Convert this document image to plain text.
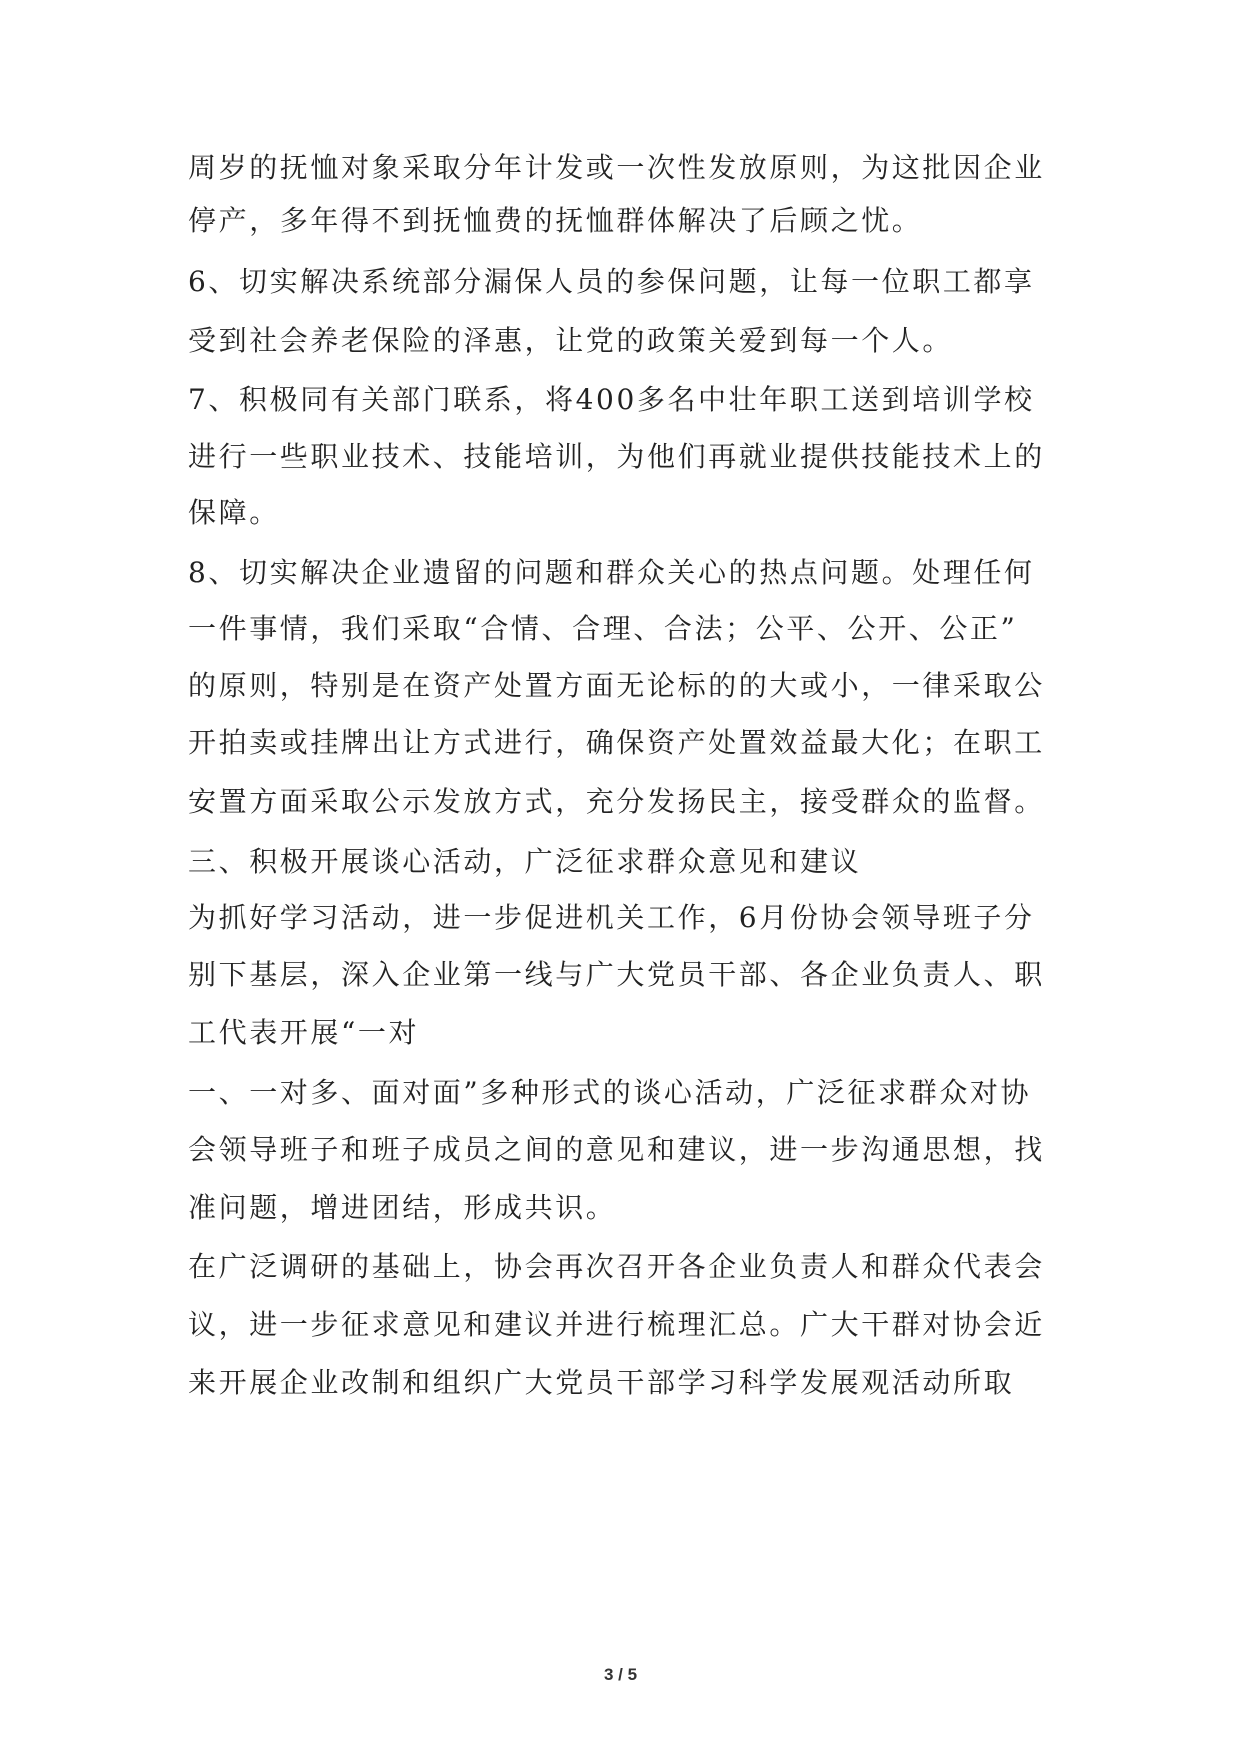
周岁的抚恤对象采取分年计发或一次性发放原则，为这批因企业
停产，多年得不到抚恤费的抚恤群体解决了后顾之忧。
6、切实解决系统部分漏保人员的参保问题，让每一位职工都享
受到社会养老保险的泽惠，让党的政策关爱到每一个人。
7、积极同有关部门联系，将400多名中壮年职工送到培训学校
进行一些职业技术、技能培训，为他们再就业提供技能技术上的
保障。
8、切实解决企业遗留的问题和群众关心的热点问题。处理任何
一件事情，我们采取“合情、合理、合法；公平、公开、公正”
的原则，特别是在资产处置方面无论标的的大或小，一律采取公
开拍卖或挂牌出让方式进行，确保资产处置效益最大化；在职工
安置方面采取公示发放方式，充分发扬民主，接受群众的监督。
三、积极开展谈心活动，广泛征求群众意见和建议
为抓好学习活动，进一步促进机关工作，6月份协会领导班子分
别下基层，深入企业第一线与广大党员干部、各企业负责人、职
工代表开展“一对
一、一对多、面对面”多种形式的谈心活动，广泛征求群众对协
会领导班子和班子成员之间的意见和建议，进一步沟通思想，找
准问题，增进团结，形成共识。
在广泛调研的基础上，协会再次召开各企业负责人和群众代表会
议，进一步征求意见和建议并进行梳理汇总。广大干群对协会近
来开展企业改制和组织广大党员干部学习科学发展观活动所取
3 / 5
